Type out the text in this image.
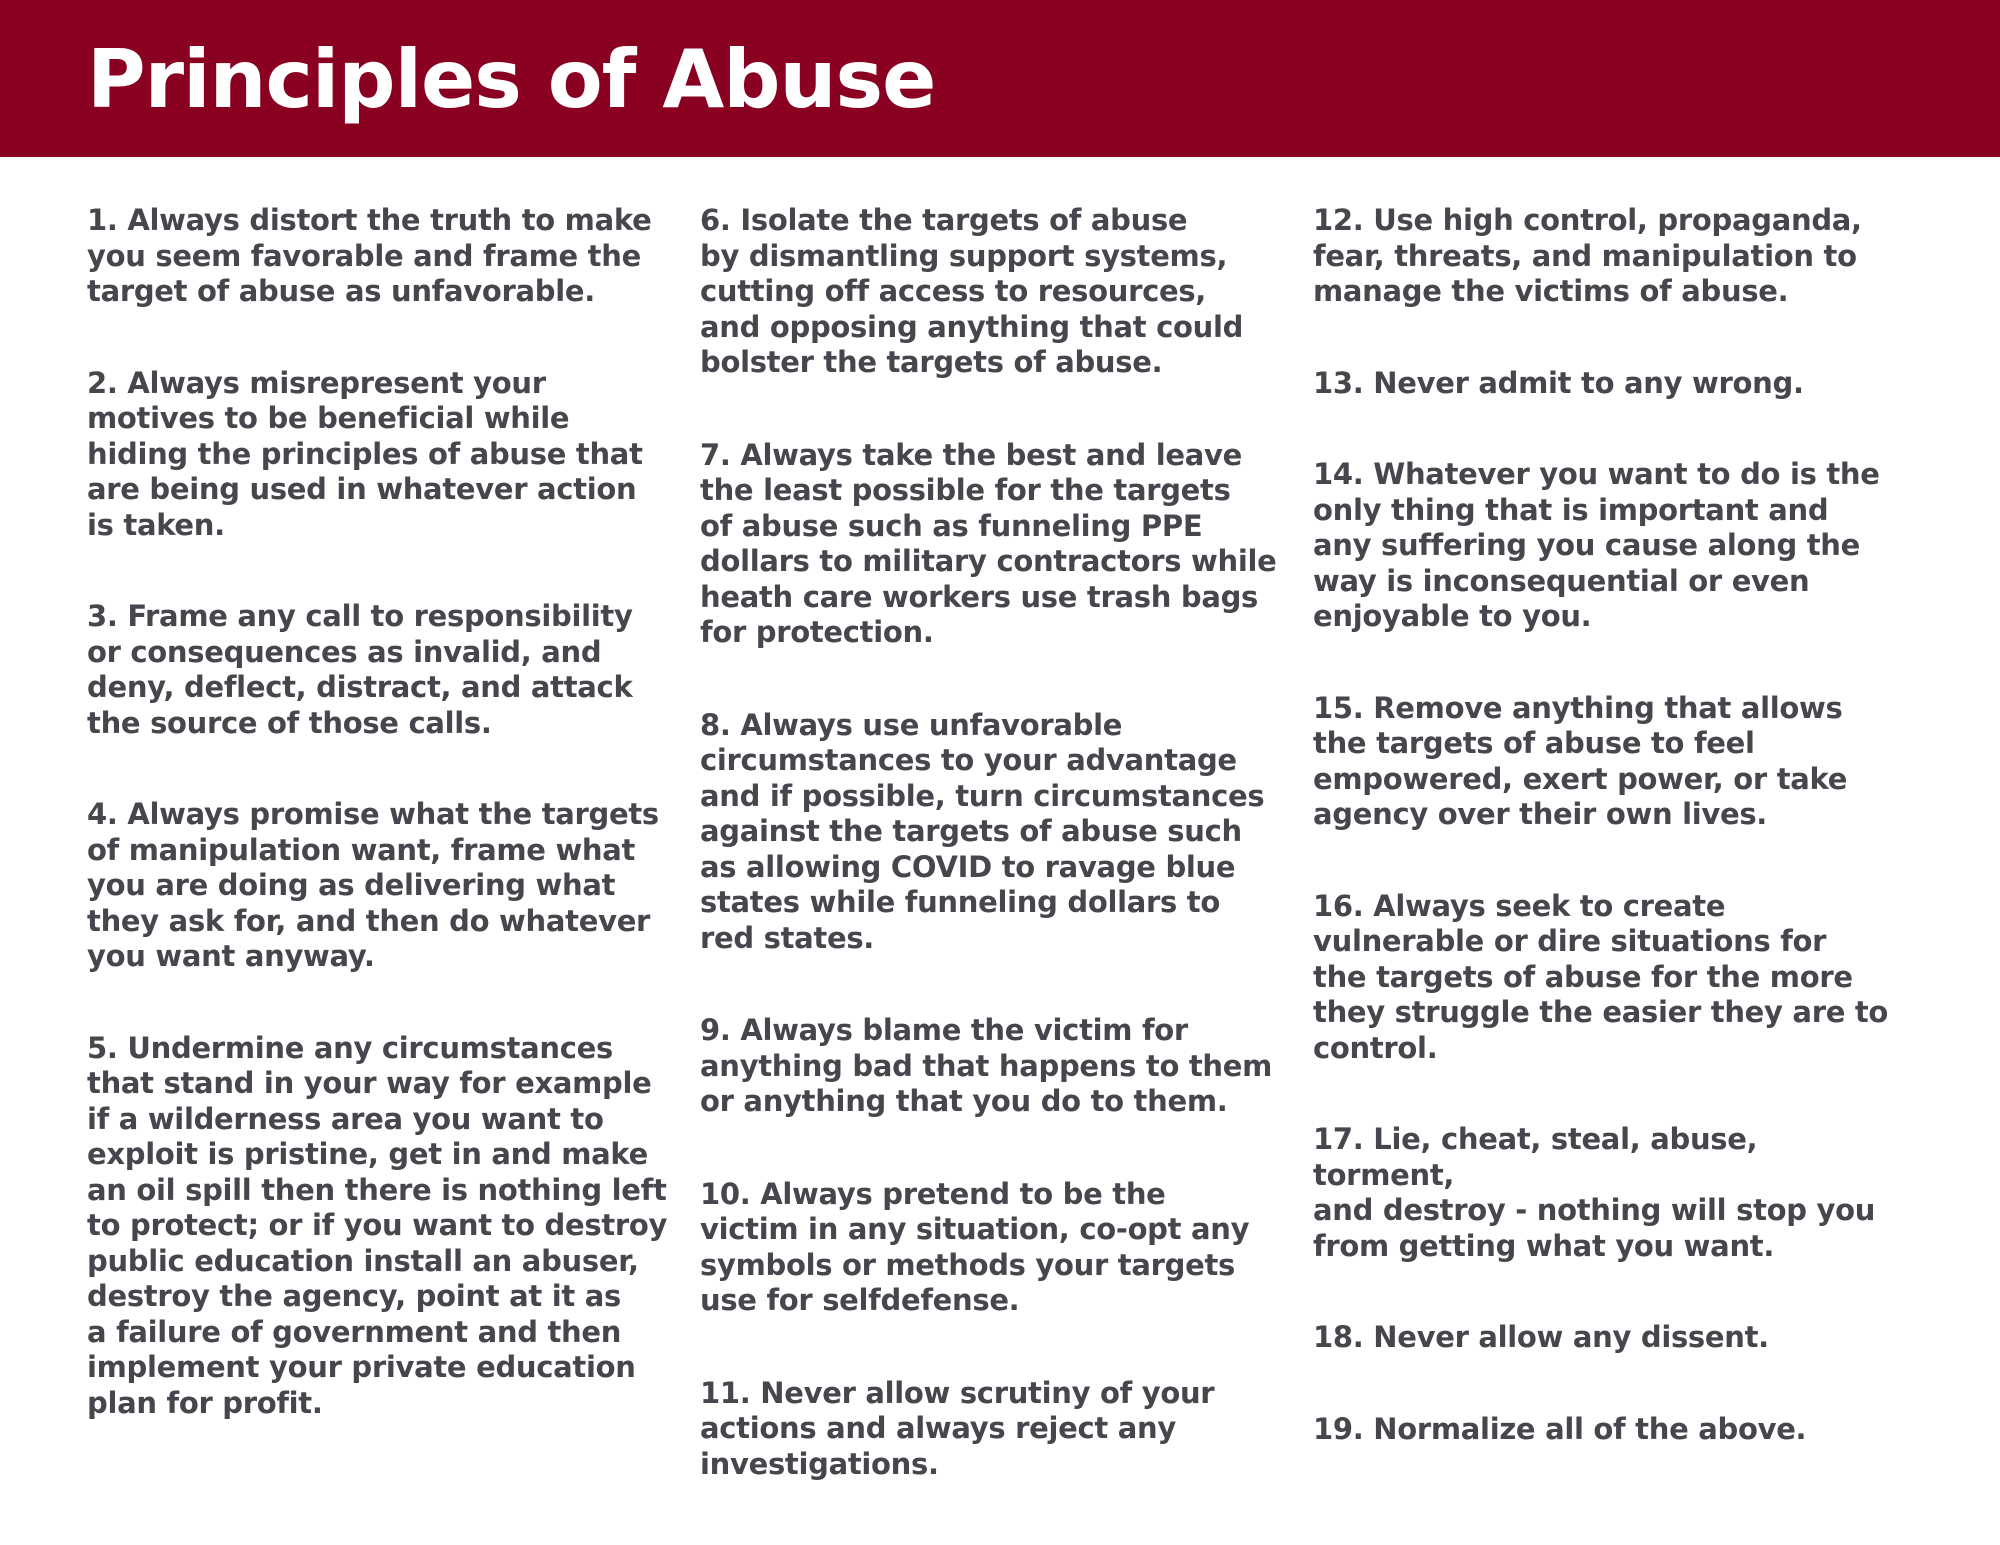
Principles of Abuse
1. Always distort the truth to make
you seem favorable and frame the
target of abuse as unfavorable.
2. Always misrepresent your
motives to be beneficial while
hiding the principles of abuse that
are being used in whatever action
is taken.
3. Frame any call to responsibility
or consequences as invalid, and
deny, deflect, distract, and attack
the source of those calls.
4. Always promise what the targets
of manipulation want, frame what
you are doing as delivering what
they ask for, and then do whatever
you want anyway.
5. Undermine any circumstances
that stand in your way for example
if a wilderness area you want to
exploit is pristine, get in and make
an oil spill then there is nothing left
to protect; or if you want to destroy
public education install an abuser,
destroy the agency, point at it as
a failure of government and then
implement your private education
plan for profit.
6. Isolate the targets of abuse
by dismantling support systems,
cutting off access to resources,
and opposing anything that could
bolster the targets of abuse.
7. Always take the best and leave
the least possible for the targets
of abuse such as funneling PPE
dollars to military contractors while
heath care workers use trash bags
for protection.
8. Always use unfavorable
circumstances to your advantage
and if possible, turn circumstances
against the targets of abuse such
as allowing COVID to ravage blue
states while funneling dollars to
red states.
9. Always blame the victim for
anything bad that happens to them
or anything that you do to them.
10. Always pretend to be the
victim in any situation, co-opt any
symbols or methods your targets
use for selfdefense.
11. Never allow scrutiny of your
actions and always reject any
investigations.
12. Use high control, propaganda,
fear, threats, and manipulation to
manage the victims of abuse.
13. Never admit to any wrong.
14. Whatever you want to do is the
only thing that is important and
any suffering you cause along the
way is inconsequential or even
enjoyable to you.
15. Remove anything that allows
the targets of abuse to feel
empowered, exert power, or take
agency over their own lives.
16. Always seek to create
vulnerable or dire situations for
the targets of abuse for the more
they struggle the easier they are to
control.
17. Lie, cheat, steal, abuse, torment,
and destroy - nothing will stop you
from getting what you want.
18. Never allow any dissent.
19. Normalize all of the above.
